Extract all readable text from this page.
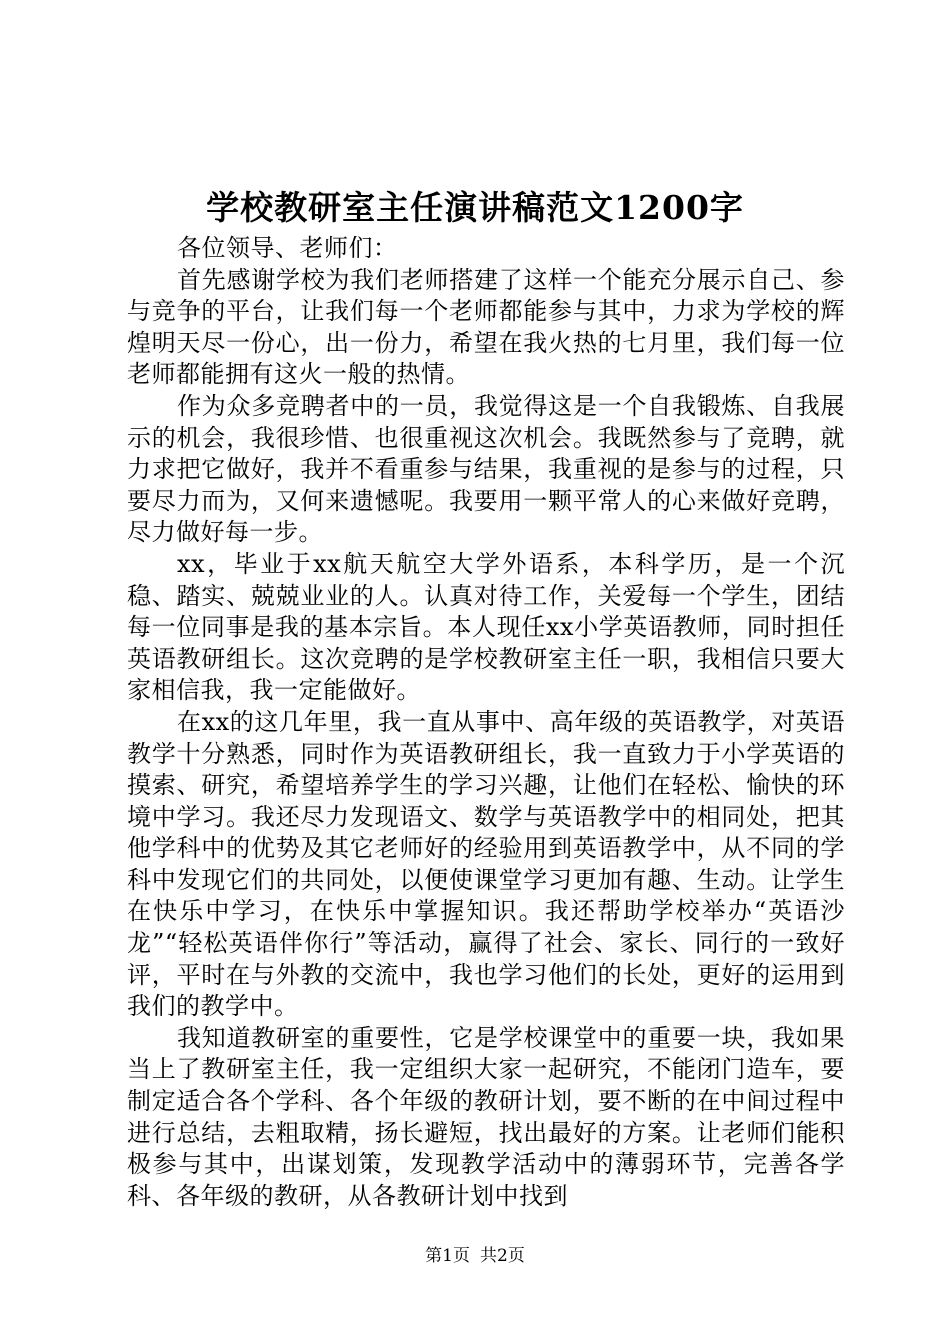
学校教研室主任演讲稿范文1200字

各位领导、老师们：

首先感谢学校为我们老师搭建了这样一个能充分展示自己、参与竞争的平台，让我们每一个老师都能参与其中，力求为学校的辉煌明天尽一份心，出一份力，希望在我火热的七月里，我们每一位老师都能拥有这火一般的热情。

作为众多竞聘者中的一员，我觉得这是一个自我锻炼、自我展示的机会，我很珍惜、也很重视这次机会。我既然参与了竞聘，就力求把它做好，我并不看重参与结果，我重视的是参与的过程，只要尽力而为，又何来遗憾呢。我要用一颗平常人的心来做好竞聘，尽力做好每一步。

xx，毕业于xx航天航空大学外语系，本科学历，是一个沉稳、踏实、兢兢业业的人。认真对待工作，关爱每一个学生，团结每一位同事是我的基本宗旨。本人现任xx小学英语教师，同时担任英语教研组长。这次竞聘的是学校教研室主任一职，我相信只要大家相信我，我一定能做好。

在xx的这几年里，我一直从事中、高年级的英语教学，对英语教学十分熟悉，同时作为英语教研组长，我一直致力于小学英语的摸索、研究，希望培养学生的学习兴趣，让他们在轻松、愉快的环境中学习。我还尽力发现语文、数学与英语教学中的相同处，把其他学科中的优势及其它老师好的经验用到英语教学中，从不同的学科中发现它们的共同处，以便使课堂学习更加有趣、生动。让学生在快乐中学习，在快乐中掌握知识。我还帮助学校举办“英语沙龙”“轻松英语伴你行”等活动，赢得了社会、家长、同行的一致好评，平时在与外教的交流中，我也学习他们的长处，更好的运用到我们的教学中。

我知道教研室的重要性，它是学校课堂中的重要一块，我如果当上了教研室主任，我一定组织大家一起研究，不能闭门造车，要制定适合各个学科、各个年级的教研计划，要不断的在中间过程中进行总结，去粗取精，扬长避短，找出最好的方案。让老师们能积极参与其中，出谋划策，发现教学活动中的薄弱环节，完善各学科、各年级的教研，从各教研计划中找到

第1页 共2页
